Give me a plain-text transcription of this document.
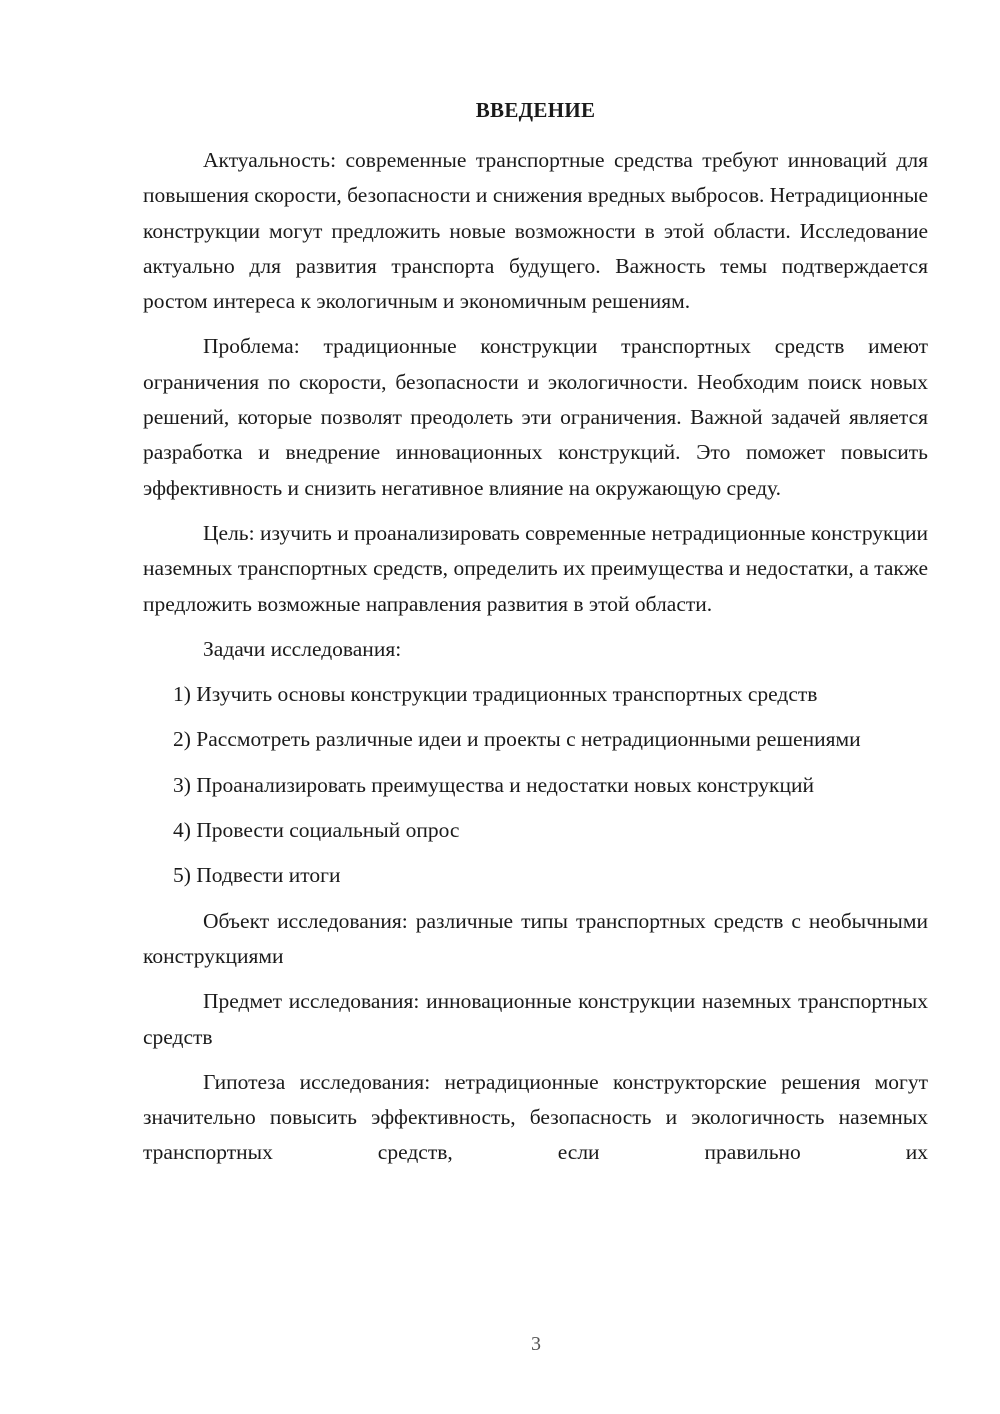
ВВЕДЕНИЕ

Актуальность: современные транспортные средства требуют инноваций для повышения скорости, безопасности и снижения вредных выбросов. Нетрадиционные конструкции могут предложить новые возможности в этой области. Исследование актуально для развития транспорта будущего. Важность темы подтверждается ростом интереса к экологичным и экономичным решениям.

Проблема: традиционные конструкции транспортных средств имеют ограничения по скорости, безопасности и экологичности. Необходим поиск новых решений, которые позволят преодолеть эти ограничения. Важной задачей является разработка и внедрение инновационных конструкций. Это поможет повысить эффективность и снизить негативное влияние на окружающую среду.

Цель: изучить и проанализировать современные нетрадиционные конструкции наземных транспортных средств, определить их преимущества и недостатки, а также предложить возможные направления развития в этой области.

Задачи исследования:

1) Изучить основы конструкции традиционных транспортных средств

2) Рассмотреть различные идеи и проекты с нетрадиционными решениями

3) Проанализировать преимущества и недостатки новых конструкций

4) Провести социальный опрос

5) Подвести итоги

Объект исследования: различные типы транспортных средств с необычными конструкциями

Предмет исследования: инновационные конструкции наземных транспортных средств

Гипотеза исследования: нетрадиционные конструкторские решения могут значительно повысить эффективность, безопасность и экологичность наземных транспортных средств, если правильно их

3
